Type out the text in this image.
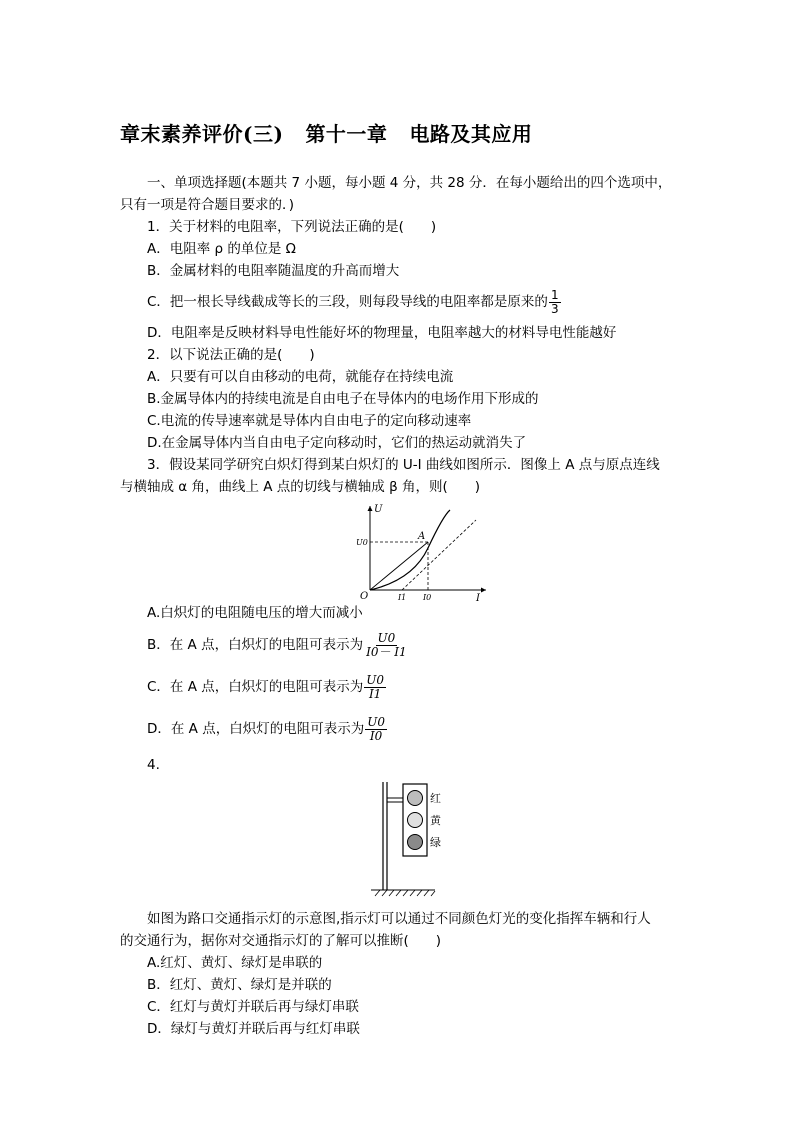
章末素养评价(三) 第十一章 电路及其应用
一、单项选择题(本题共 7 小题，每小题 4 分，共 28 分．在每小题给出的四个选项中，
只有一项是符合题目要求的．)
1．关于材料的电阻率，下列说法正确的是(　　)
A．电阻率 ρ 的单位是 Ω
B．金属材料的电阻率随温度的升高而增大
C．把一根长导线截成等长的三段，则每段导线的电阻率都是原来的 $\frac{1}{3}$
D．电阻率是反映材料导电性能好坏的物理量，电阻率越大的材料导电性能越好
2．以下说法正确的是(　　)
A．只要有可以自由移动的电荷，就能存在持续电流
B.金属导体内的持续电流是自由电子在导体内的电场作用下形成的
C.电流的传导速率就是导体内自由电子的定向移动速率
D.在金属导体内当自由电子定向移动时，它们的热运动就消失了
3．假设某同学研究白炽灯得到某白炽灯的 U-I 曲线如图所示．图像上 A 点与原点连线
与横轴成 α 角，曲线上 A 点的切线与横轴成 β 角，则(　　)
U
I
O
A
U0
I1 I0
A.白炽灯的电阻随电压的增大而减小
B．在 A 点，白炽灯的电阻可表示为 $\frac{U0}{I0- I1}$
C．在 A 点，白炽灯的电阻可表示为 $\frac{U0}{I1}$
D．在 A 点，白炽灯的电阻可表示为 $\frac{U0}{I0}$
4.
红
黄
绿
如图为路口交通指示灯的示意图,指示灯可以通过不同颜色灯光的变化指挥车辆和行人
的交通行为，据你对交通指示灯的了解可以推断(　　)
A.红灯、黄灯、绿灯是串联的
B．红灯、黄灯、绿灯是并联的
C．红灯与黄灯并联后再与绿灯串联
D．绿灯与黄灯并联后再与红灯串联
